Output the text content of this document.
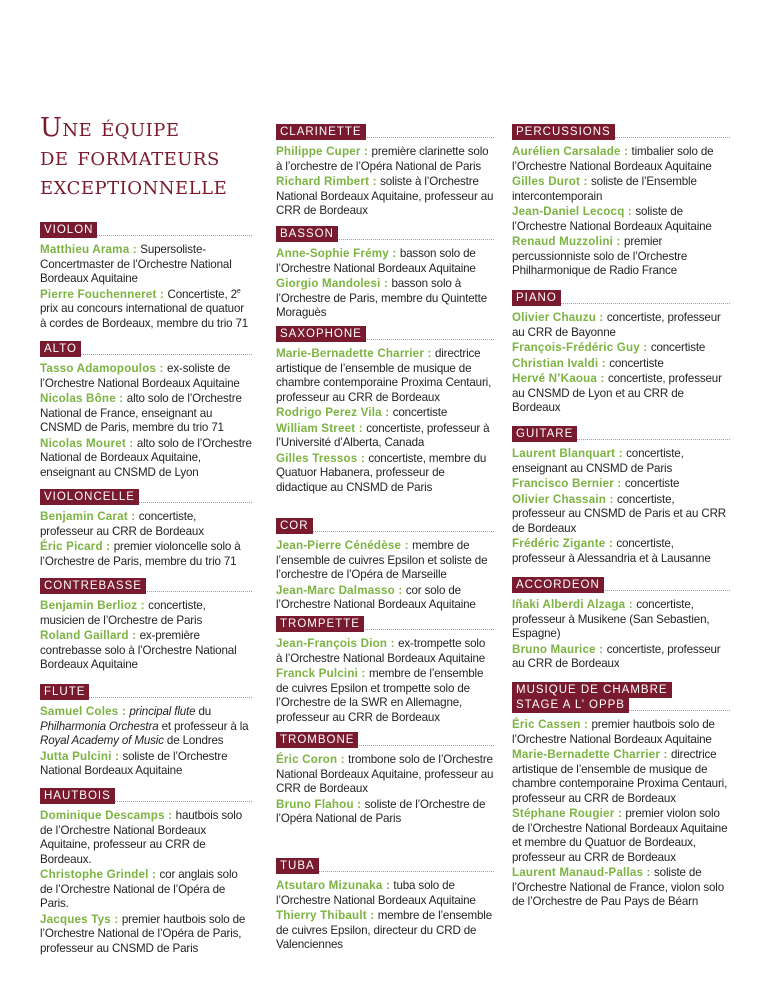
Une équipe
de formateurs
exceptionnelle
VIOLON
Matthieu Arama : Supersoliste-Concertmaster de l’Orchestre National Bordeaux Aquitaine
Pierre Fouchenneret : Concertiste, 2e prix au concours international de quatuor à cordes de Bordeaux, membre du trio 71
ALTO
Tasso Adamopoulos : ex-soliste de l’Orchestre National Bordeaux Aquitaine
Nicolas Bône : alto solo de l’Orchestre National de France, enseignant au CNSMD de Paris, membre du trio 71
Nicolas Mouret : alto solo de l’Orchestre National de Bordeaux Aquitaine, enseignant au CNSMD de Lyon
VIOLONCELLE
Benjamin Carat : concertiste, professeur au CRR de Bordeaux
Éric Picard : premier violoncelle solo à l’Orchestre de Paris, membre du trio 71
CONTREBASSE
Benjamin Berlioz : concertiste, musicien de l’Orchestre de Paris
Roland Gaillard : ex-première contrebasse solo à l’Orchestre National Bordeaux Aquitaine
FLUTE
Samuel Coles : principal flute du Philharmonia Orchestra et professeur à la Royal Academy of Music de Londres
Jutta Pulcini : soliste de l’Orchestre National Bordeaux Aquitaine
HAUTBOIS
Dominique Descamps : hautbois solo de l’Orchestre National Bordeaux Aquitaine, professeur au CRR de Bordeaux.
Christophe Grindel : cor anglais solo de l’Orchestre National de l’Opéra de Paris.
Jacques Tys : premier hautbois solo de l’Orchestre National de l’Opéra de Paris, professeur au CNSMD de Paris
CLARINETTE
Philippe Cuper : première clarinette solo à l’orchestre de l’Opéra National de Paris
Richard Rimbert : soliste à l’Orchestre National Bordeaux Aquitaine, professeur au CRR de Bordeaux
BASSON
Anne-Sophie Frémy : basson solo de l’Orchestre National Bordeaux Aquitaine
Giorgio Mandolesi : basson solo à l’Orchestre de Paris, membre du Quintette Moraguès
SAXOPHONE
Marie-Bernadette Charrier : directrice artistique de l’ensemble de musique de chambre contemporaine Proxima Centauri, professeur au CRR de Bordeaux
Rodrigo Perez Vila : concertiste
William Street : concertiste, professeur à l’Université d’Alberta, Canada
Gilles Tressos : concertiste, membre du Quatuor Habanera, professeur de didactique au CNSMD de Paris
COR
Jean-Pierre Cénédèse : membre de l’ensemble de cuivres Epsilon et soliste de l’orchestre de l’Opéra de Marseille
Jean-Marc Dalmasso : cor solo de l’Orchestre National Bordeaux Aquitaine
TROMPETTE
Jean-François Dion : ex-trompette solo à l’Orchestre National Bordeaux Aquitaine
Franck Pulcini : membre de l’ensemble de cuivres Epsilon et trompette solo de l’Orchestre de la SWR en Allemagne, professeur au CRR de Bordeaux
TROMBONE
Éric Coron : trombone solo de l’Orchestre National Bordeaux Aquitaine, professeur au CRR de Bordeaux
Bruno Flahou : soliste de l’Orchestre de l’Opéra National de Paris
TUBA
Atsutaro Mizunaka : tuba solo de l’Orchestre National Bordeaux Aquitaine
Thierry Thibault : membre de l’ensemble de cuivres Epsilon, directeur du CRD de Valenciennes
PERCUSSIONS
Aurélien Carsalade : timbalier solo de l’Orchestre National Bordeaux Aquitaine
Gilles Durot : soliste de l’Ensemble intercontemporain
Jean-Daniel Lecocq : soliste de l’Orchestre National Bordeaux Aquitaine
Renaud Muzzolini : premier percussionniste solo de l’Orchestre Philharmonique de Radio France
PIANO
Olivier Chauzu : concertiste, professeur au CRR de Bayonne
François-Frédéric Guy : concertiste
Christian Ivaldi : concertiste
Hervé N’Kaoua : concertiste, professeur au CNSMD de Lyon et au CRR de Bordeaux
GUITARE
Laurent Blanquart : concertiste, enseignant au CNSMD de Paris
Francisco Bernier : concertiste
Olivier Chassain : concertiste, professeur au CNSMD de Paris et au CRR de Bordeaux
Frédéric Zigante : concertiste, professeur à Alessandria et à Lausanne
ACCORDEON
Iñaki Alberdi Alzaga : concertiste, professeur à Musikene (San Sebastien, Espagne)
Bruno Maurice : concertiste, professeur au CRR de Bordeaux
MUSIQUE DE CHAMBRE
STAGE A L’ OPPB
Éric Cassen : premier hautbois solo de l’Orchestre National Bordeaux Aquitaine
Marie-Bernadette Charrier : directrice artistique de l’ensemble de musique de chambre contemporaine Proxima Centauri, professeur au CRR de Bordeaux
Stéphane Rougier : premier violon solo de l’Orchestre National Bordeaux Aquitaine et membre du Quatuor de Bordeaux, professeur au CRR de Bordeaux
Laurent Manaud-Pallas : soliste de l’Orchestre National de France, violon solo de l’Orchestre de Pau Pays de Béarn
